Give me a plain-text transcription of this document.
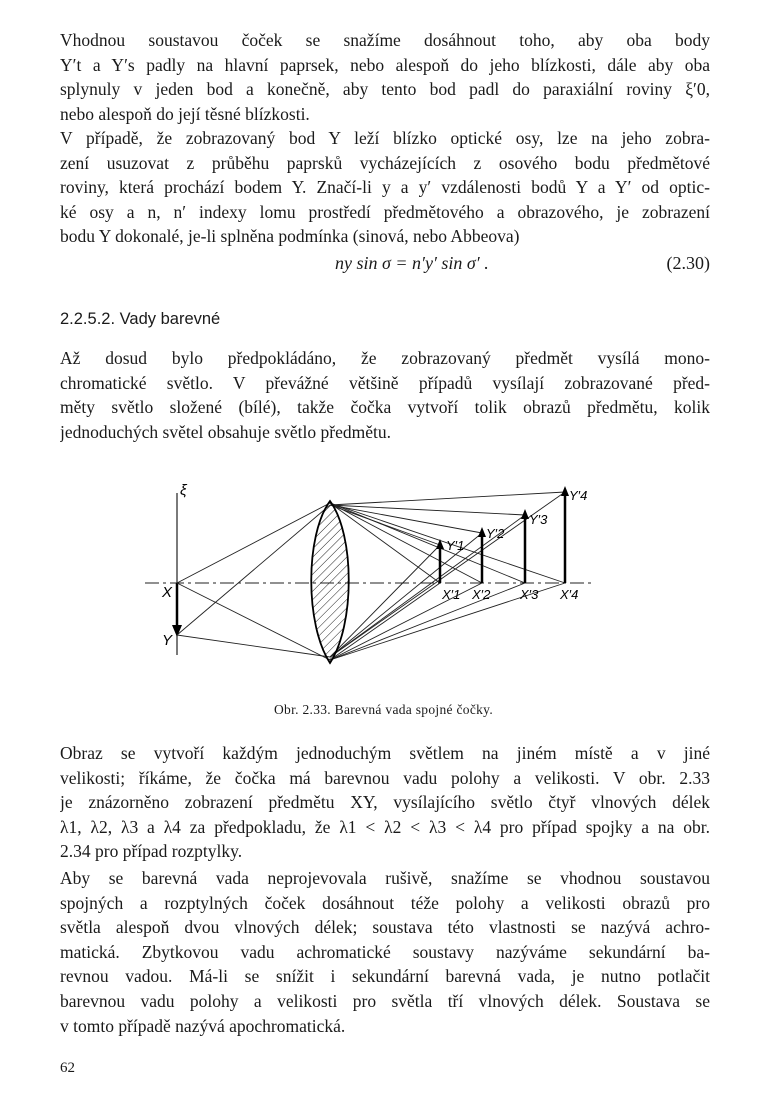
Vhodnou soustavou čoček se snažíme dosáhnout toho, aby oba body
Y′t a Y′s padly na hlavní paprsek, nebo alespoň do jeho blízkosti, dále aby oba
splynuly v jeden bod a konečně, aby tento bod padl do paraxiální roviny ξ′0,
nebo alespoň do její těsné blízkosti.
V případě, že zobrazovaný bod Y leží blízko optické osy, lze na jeho zobra-
zení usuzovat z průběhu paprsků vycházejících z osového bodu předmětové
roviny, která prochází bodem Y. Značí-li y a y′ vzdálenosti bodů Y a Y′ od optic-
ké osy a n, n′ indexy lomu prostředí předmětového a obrazového, je zobrazení
bodu Y dokonalé, je-li splněna podmínka (sinová, nebo Abbeova)
ny sin σ = n′y′ sin σ′ .	(2.30)
2.2.5.2. Vady barevné
Až dosud bylo předpokládáno, že zobrazovaný předmět vysílá mono-
chromatické světlo. V převážné většině případů vysílají zobrazované před-
měty světlo složené (bílé), takže čočka vytvoří tolik obrazů předmětu, kolik
jednoduchých světel obsahuje světlo předmětu.
ξ
X
Y
X′1 X′2 X′3 X′4
Y′1
Y′2
Y′3
Y′4
Obr. 2.33. Barevná vada spojné čočky.
Obraz se vytvoří každým jednoduchým světlem na jiném místě a v jiné
velikosti; říkáme, že čočka má barevnou vadu polohy a velikosti. V obr. 2.33
je znázorněno zobrazení předmětu XY, vysílajícího světlo čtyř vlnových délek
λ1, λ2, λ3 a λ4 za předpokladu, že λ1 < λ2 < λ3 < λ4 pro případ spojky a na obr.
2.34 pro případ rozptylky.
Aby se barevná vada neprojevovala rušivě, snažíme se vhodnou soustavou
spojných a rozptylných čoček dosáhnout téže polohy a velikosti obrazů pro
světla alespoň dvou vlnových délek; soustava této vlastnosti se nazývá achro-
matická. Zbytkovou vadu achromatické soustavy nazýváme sekundární ba-
revnou vadou. Má-li se snížit i sekundární barevná vada, je nutno potlačit
barevnou vadu polohy a velikosti pro světla tří vlnových délek. Soustava se
v tomto případě nazývá apochromatická.
62
